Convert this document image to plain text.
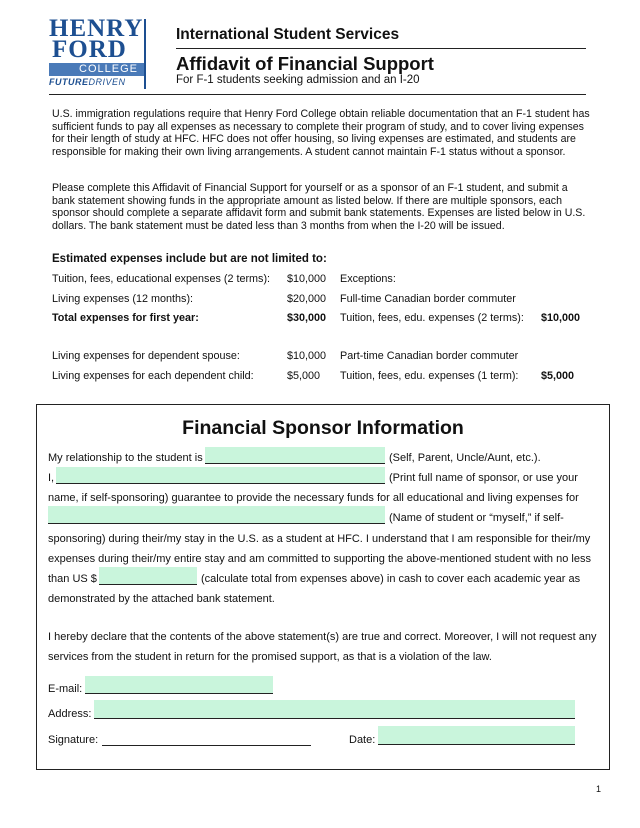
HENRY
FORD
COLLEGE
FUTUREDRIVEN
International Student Services
Affidavit of Financial Support
For F-1 students seeking admission and an I-20

U.S. immigration regulations require that Henry Ford College obtain reliable documentation that an F-1 student has sufficient funds to pay all expenses as necessary to complete their program of study, and to cover living expenses for their length of study at HFC. HFC does not offer housing, so living expenses are estimated, and students are responsible for making their own living arrangements. A student cannot maintain F-1 status without a sponsor.

Please complete this Affidavit of Financial Support for yourself or as a sponsor of an F-1 student, and submit a bank statement showing funds in the appropriate amount as listed below. If there are multiple sponsors, each sponsor should complete a separate affidavit form and submit bank statements. Expenses are listed below in U.S. dollars. The bank statement must be dated less than 3 months from when the I-20 will be issued.

Estimated expenses include but are not limited to:
Tuition, fees, educational expenses (2 terms): $10,000 Exceptions:
Living expenses (12 months):	$20,000 Full-time Canadian border commuter
Total expenses for first year:	$30,000 Tuition, fees, edu. expenses (2 terms): $10,000
Living expenses for dependent spouse:	$10,000 Part-time Canadian border commuter
Living expenses for each dependent child:	$5,000 Tuition, fees, edu. expenses (1 term): $5,000
Financial Sponsor Information
My relationship to the student is	(Self, Parent, Uncle/Aunt, etc.).
I,	(Print full name of sponsor, or use your
name, if self-sponsoring) guarantee to provide the necessary funds for all educational and living expenses for
(Name of student or “myself,” if self-
sponsoring) during their/my stay in the U.S. as a student at HFC. I understand that I am responsible for their/my
expenses during their/my entire stay and am committed to supporting the above-mentioned student with no less
than US $	(calculate total from expenses above) in cash to cover each academic year as
demonstrated by the attached bank statement.
I hereby declare that the contents of the above statement(s) are true and correct. Moreover, I will not request any
services from the student in return for the promised support, as that is a violation of the law.
E-mail:
Address:
Signature:	Date:
1
